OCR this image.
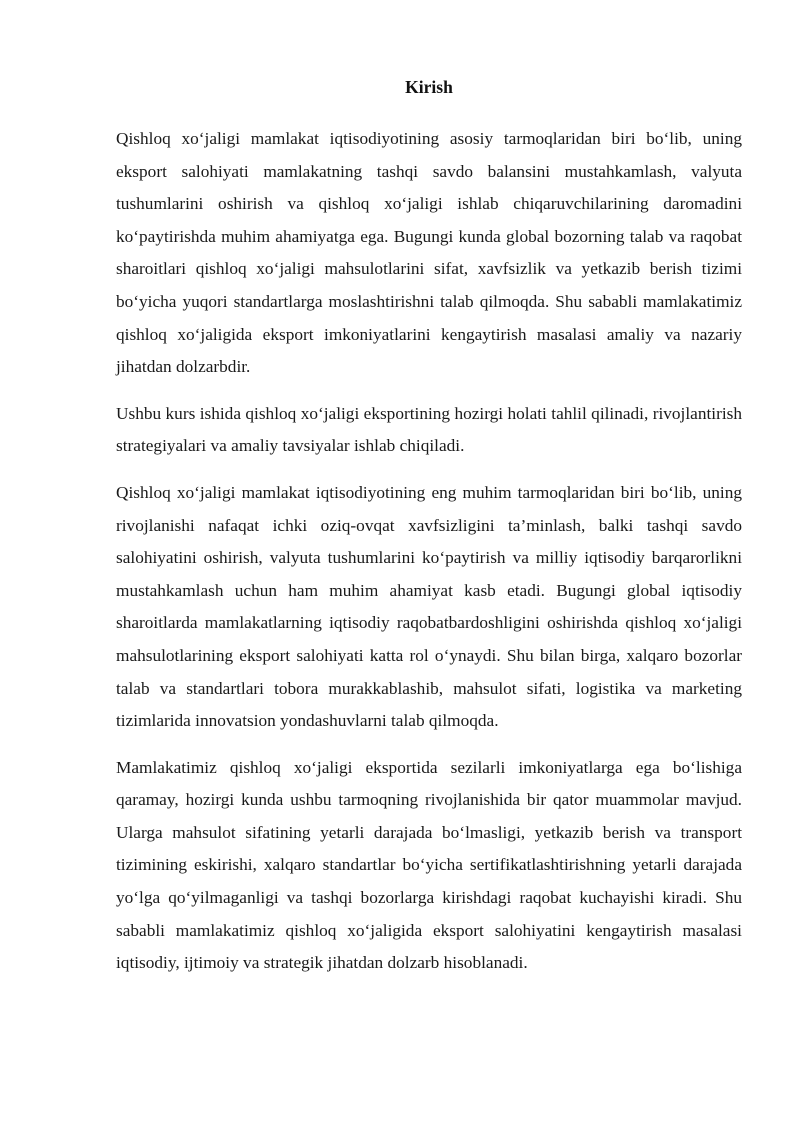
Kirish

Qishloq xo‘jaligi mamlakat iqtisodiyotining asosiy tarmoqlaridan biri bo‘lib, uning eksport salohiyati mamlakatning tashqi savdo balansini mustahkamlash, valyuta tushumlarini oshirish va qishloq xo‘jaligi ishlab chiqaruvchilarining daromadini ko‘paytirishda muhim ahamiyatga ega. Bugungi kunda global bozorning talab va raqobat sharoitlari qishloq xo‘jaligi mahsulotlarini sifat, xavfsizlik va yetkazib berish tizimi bo‘yicha yuqori standartlarga moslashtirishni talab qilmoqda. Shu sababli mamlakatimiz qishloq xo‘jaligida eksport imkoniyatlarini kengaytirish masalasi amaliy va nazariy jihatdan dolzarbdir.

Ushbu kurs ishida qishloq xo‘jaligi eksportining hozirgi holati tahlil qilinadi, rivojlantirish strategiyalari va amaliy tavsiyalar ishlab chiqiladi.

Qishloq xo‘jaligi mamlakat iqtisodiyotining eng muhim tarmoqlaridan biri bo‘lib, uning rivojlanishi nafaqat ichki oziq-ovqat xavfsizligini ta’minlash, balki tashqi savdo salohiyatini oshirish, valyuta tushumlarini ko‘paytirish va milliy iqtisodiy barqarorlikni mustahkamlash uchun ham muhim ahamiyat kasb etadi. Bugungi global iqtisodiy sharoitlarda mamlakatlarning iqtisodiy raqobatbardoshligini oshirishda qishloq xo‘jaligi mahsulotlarining eksport salohiyati katta rol o‘ynaydi. Shu bilan birga, xalqaro bozorlar talab va standartlari tobora murakkablashib, mahsulot sifati, logistika va marketing tizimlarida innovatsion yondashuvlarni talab qilmoqda.

Mamlakatimiz qishloq xo‘jaligi eksportida sezilarli imkoniyatlarga ega bo‘lishiga qaramay, hozirgi kunda ushbu tarmoqning rivojlanishida bir qator muammolar mavjud. Ularga mahsulot sifatining yetarli darajada bo‘lmasligi, yetkazib berish va transport tizimining eskirishi, xalqaro standartlar bo‘yicha sertifikatlashtirishning yetarli darajada yo‘lga qo‘yilmaganligi va tashqi bozorlarga kirishdagi raqobat kuchayishi kiradi. Shu sababli mamlakatimiz qishloq xo‘jaligida eksport salohiyatini kengaytirish masalasi iqtisodiy, ijtimoiy va strategik jihatdan dolzarb hisoblanadi.
